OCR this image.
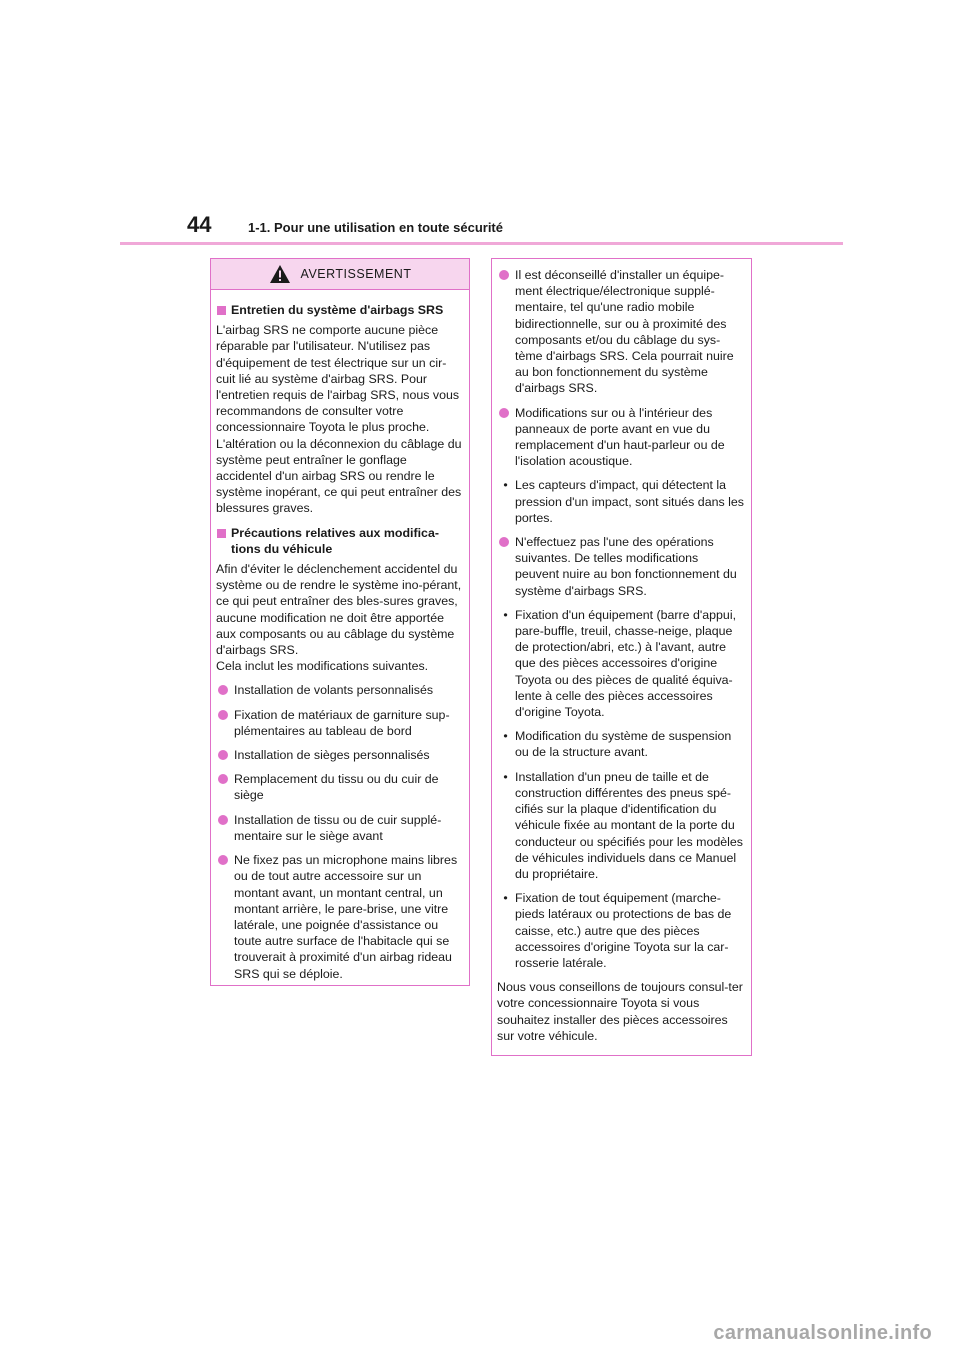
44	1-1. Pour une utilisation en toute sécurité
AVERTISSEMENT
Entretien du système d'airbags SRS

L'airbag SRS ne comporte aucune pièce réparable par l'utilisateur. N'utilisez pas d'équipement de test électrique sur un cir-cuit lié au système d'airbag SRS. Pour l'entretien requis de l'airbag SRS, nous vous recommandons de consulter votre concessionnaire Toyota le plus proche. L'altération ou la déconnexion du câblage du système peut entraîner le gonflage accidentel d'un airbag SRS ou rendre le système inopérant, ce qui peut entraîner des blessures graves.

Précautions relatives aux modifica-tions du véhicule

Afin d'éviter le déclenchement accidentel du système ou de rendre le système ino-pérant, ce qui peut entraîner des bles-sures graves, aucune modification ne doit être apportée aux composants ou au câblage du système d'airbags SRS.
Cela inclut les modifications suivantes.

Installation de volants personnalisés
Fixation de matériaux de garniture sup-plémentaires au tableau de bord
Installation de sièges personnalisés
Remplacement du tissu ou du cuir de siège
Installation de tissu ou de cuir supplé-mentaire sur le siège avant
Ne fixez pas un microphone mains libres ou de tout autre accessoire sur un montant avant, un montant central, un montant arrière, le pare-brise, une vitre latérale, une poignée d'assistance ou toute autre surface de l'habitacle qui se trouverait à proximité d'un airbag rideau SRS qui se déploie.
Il est déconseillé d'installer un équipe-ment électrique/électronique supplé-mentaire, tel qu'une radio mobile bidirectionnelle, sur ou à proximité des composants et/ou du câblage du sys-tème d'airbags SRS. Cela pourrait nuire au bon fonctionnement du système d'airbags SRS.
Modifications sur ou à l'intérieur des panneaux de porte avant en vue du remplacement d'un haut-parleur ou de l'isolation acoustique.
• Les capteurs d'impact, qui détectent la pression d'un impact, sont situés dans les portes.
N'effectuez pas l'une des opérations suivantes. De telles modifications peuvent nuire au bon fonctionnement du système d'airbags SRS.
• Fixation d'un équipement (barre d'appui, pare-buffle, treuil, chasse-neige, plaque de protection/abri, etc.) à l'avant, autre que des pièces accessoires d'origine Toyota ou des pièces de qualité équiva-lente à celle des pièces accessoires d'origine Toyota.
• Modification du système de suspension ou de la structure avant.
• Installation d'un pneu de taille et de construction différentes des pneus spé-cifiés sur la plaque d'identification du véhicule fixée au montant de la porte du conducteur ou spécifiés pour les modèles de véhicules individuels dans ce Manuel du propriétaire.
• Fixation de tout équipement (marche-pieds latéraux ou protections de bas de caisse, etc.) autre que des pièces accessoires d'origine Toyota sur la car-rosserie latérale.

Nous vous conseillons de toujours consul-ter votre concessionnaire Toyota si vous souhaitez installer des pièces accessoires sur votre véhicule.

carmanualsonline.info
